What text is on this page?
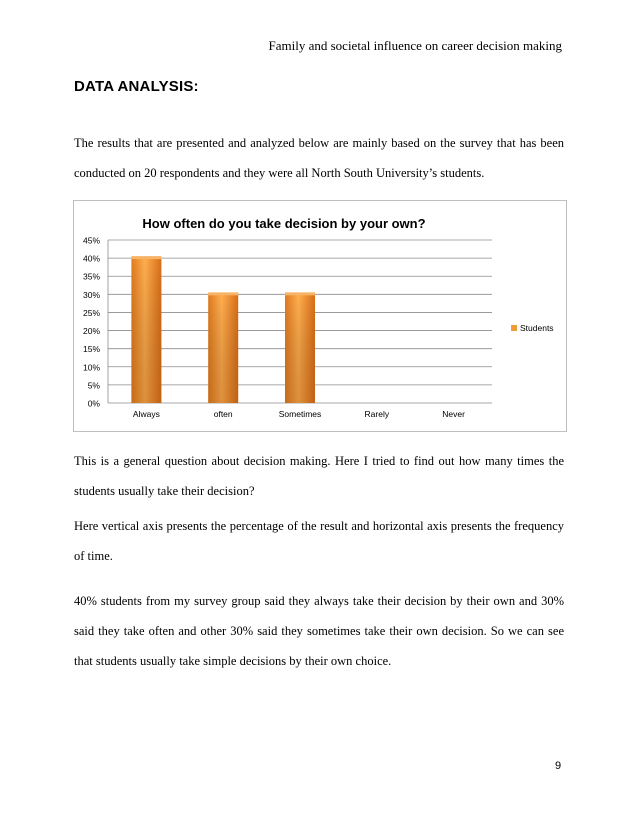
Family and societal influence on career decision making
DATA ANALYSIS:
The results that are presented and analyzed below are mainly based on the survey that has been conducted on 20 respondents and they were all North South University’s students.
How often do you take decision by your own?
0%
5%
10%
15%
20%
25%
30%
35%
40%
45%
Always	often	Sometimes	Rarely	Never
Students
This is a general question about decision making. Here I tried to find out how many times the students usually take their decision?
Here vertical axis presents the percentage of the result and horizontal axis presents the frequency of time.
40% students from my survey group said they always take their decision by their own and 30% said they take often and other 30% said they sometimes take their own decision. So we can see that students usually take simple decisions by their own choice.
9
